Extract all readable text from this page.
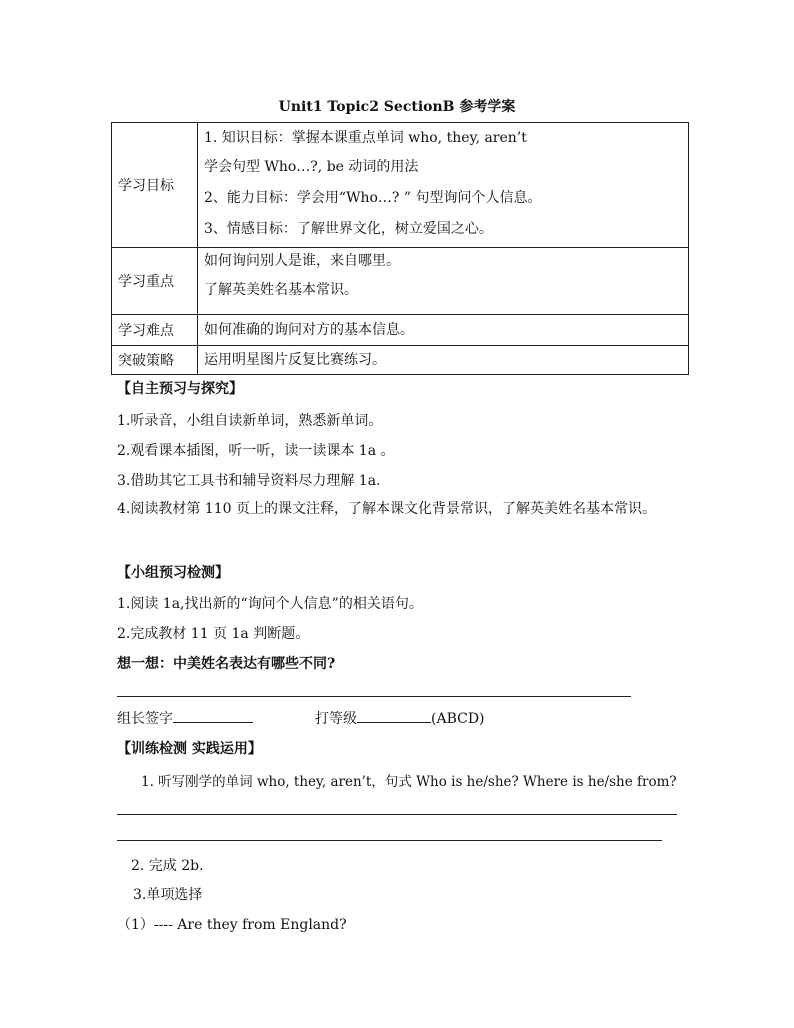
Unit1 Topic2 SectionB 参考学案
学习目标	1. 知识目标：掌握本课重点单词 who, they, aren’t
学会句型 Who…?, be 动词的用法
2、能力目标：学会用“Who…? ” 句型询问个人信息。
3、情感目标：了解世界文化，树立爱国之心。

学习重点	如何询问别人是谁，来自哪里。
了解英美姓名基本常识。

学习难点	如何准确的询问对方的基本信息。

突破策略	运用明星图片反复比赛练习。
【自主预习与探究】
1.听录音，小组自读新单词，熟悉新单词。
2.观看课本插图，听一听，读一读课本 1a 。
3.借助其它工具书和辅导资料尽力理解 1a.
4.阅读教材第 110 页上的课文注释，了解本课文化背景常识，了解英美姓名基本常识。
【小组预习检测】
1.阅读 1a,找出新的“询问个人信息”的相关语句。
2.完成教材 11 页 1a 判断题。
想一想：中美姓名表达有哪些不同?
组长签字	打等级	(ABCD)
【训练检测 实践运用】
1. 听写刚学的单词 who, they, aren’t，句式 Who is he/she? Where is he/she from?
2. 完成 2b.
3.单项选择
（1）---- Are they from England?
